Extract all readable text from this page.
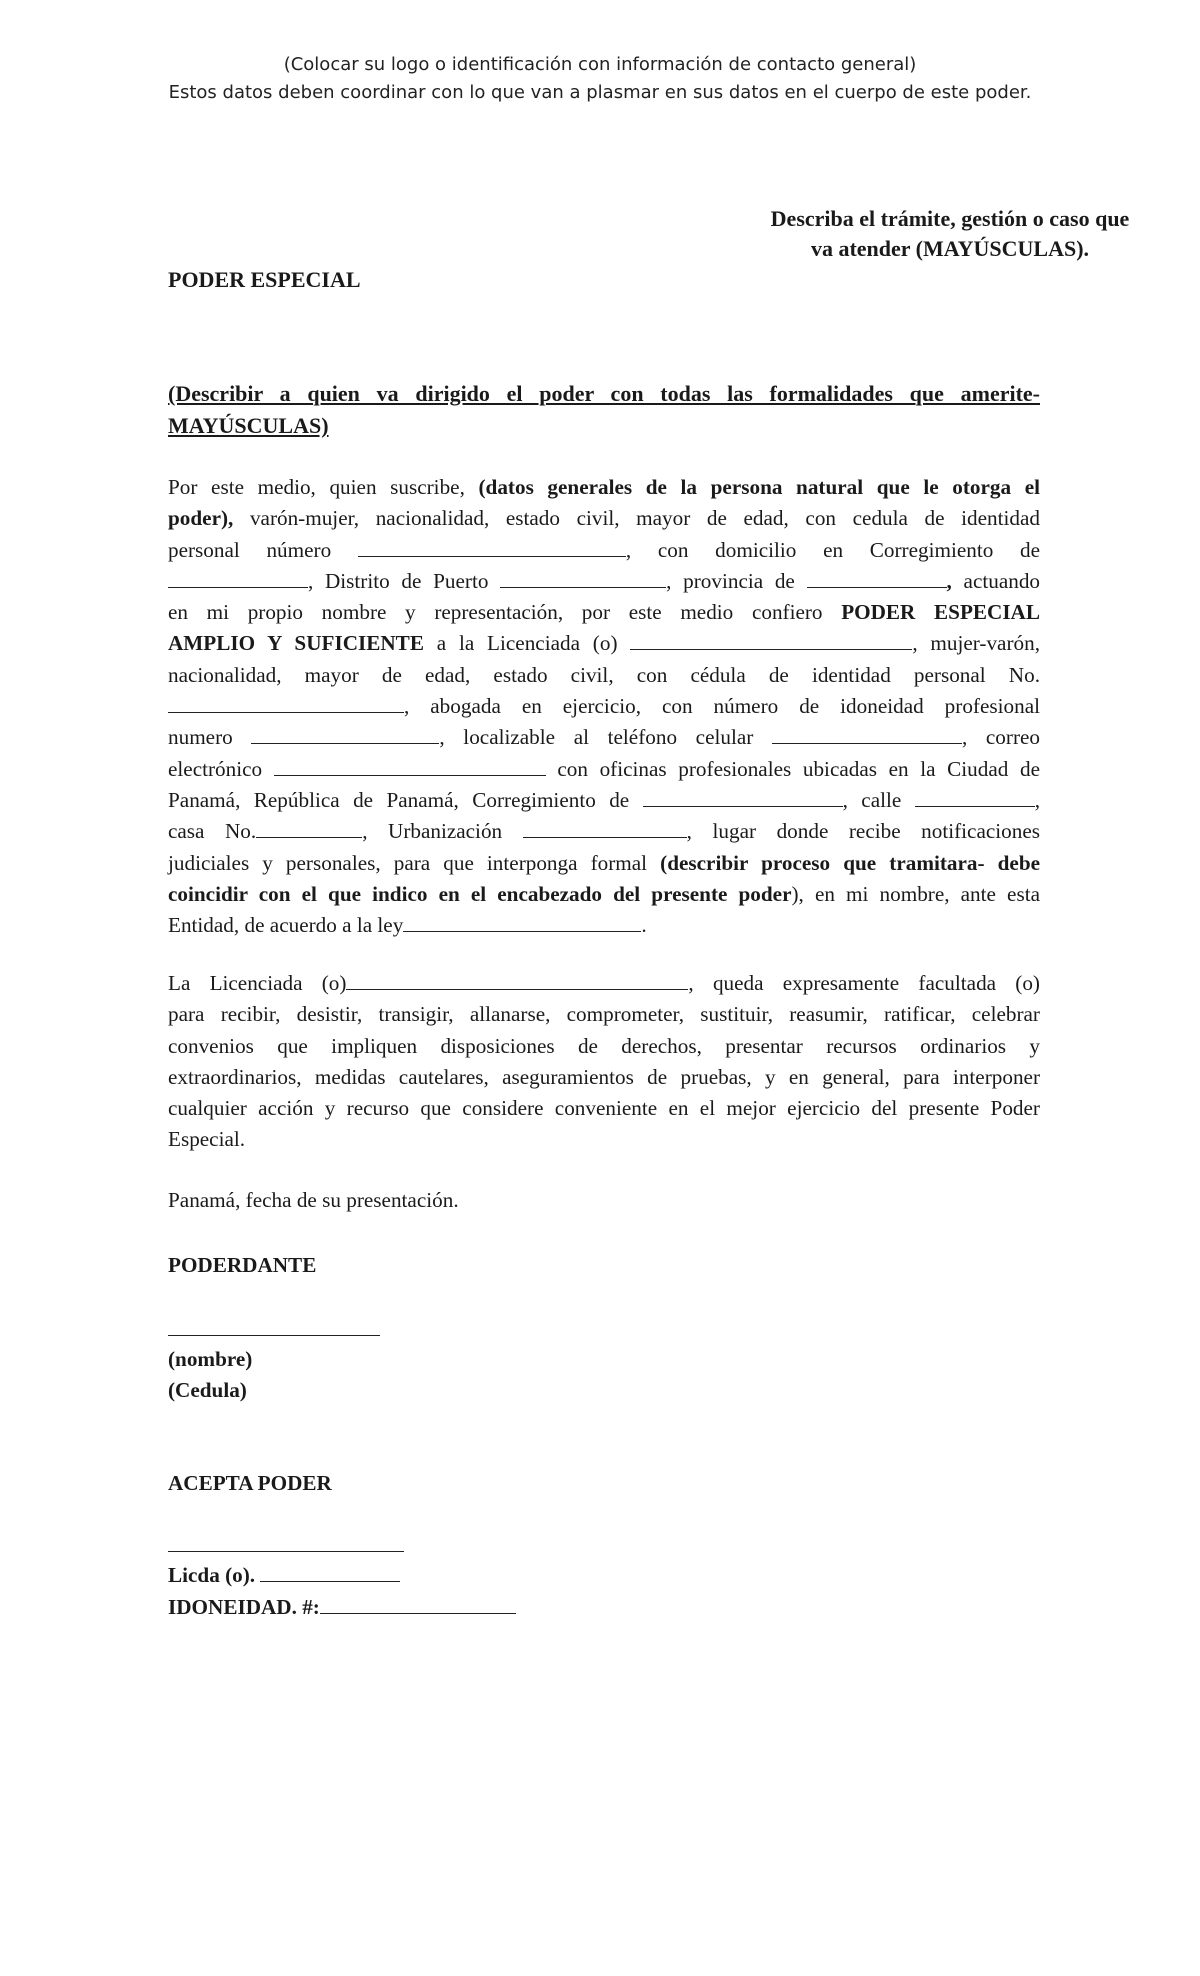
(Colocar su logo o identificación con información de contacto general)
Estos datos deben coordinar con lo que van a plasmar en sus datos en el cuerpo de este poder.
Describa el trámite, gestión o caso que
va atender (MAYÚSCULAS).
PODER ESPECIAL
(Describir a quien va dirigido el poder con todas las formalidades que amerite-
MAYÚSCULAS)
Por este medio, quien suscribe, (datos generales de la persona natural que le otorga el
poder), varón-mujer, nacionalidad, estado civil, mayor de edad, con cedula de identidad
personal número	, con domicilio en Corregimiento de
, Distrito de Puerto	, provincia de	, actuando
en mi propio nombre y representación, por este medio confiero PODER ESPECIAL
AMPLIO Y SUFICIENTE a la Licenciada (o)	, mujer-varón,
nacionalidad, mayor de edad, estado civil, con cédula de identidad personal No.
, abogada en ejercicio, con número de idoneidad profesional
numero	, localizable al teléfono celular	, correo
electrónico	con oficinas profesionales ubicadas en la Ciudad de
Panamá, República de Panamá, Corregimiento de	, calle	,
casa No.	, Urbanización	, lugar donde recibe notificaciones
judiciales y personales, para que interponga formal (describir proceso que tramitara- debe
coincidir con el que indico en el encabezado del presente poder), en mi nombre, ante esta
Entidad, de acuerdo a la ley	.
La Licenciada (o)	, queda expresamente facultada (o)
para recibir, desistir, transigir, allanarse, comprometer, sustituir, reasumir, ratificar, celebrar
convenios que impliquen disposiciones de derechos, presentar recursos ordinarios y
extraordinarios, medidas cautelares, aseguramientos de pruebas, y en general, para interponer
cualquier acción y recurso que considere conveniente en el mejor ejercicio del presente Poder
Especial.
Panamá, fecha de su presentación.
PODERDANTE
(nombre)
(Cedula)
ACEPTA PODER
Licda (o).
IDONEIDAD. #:
